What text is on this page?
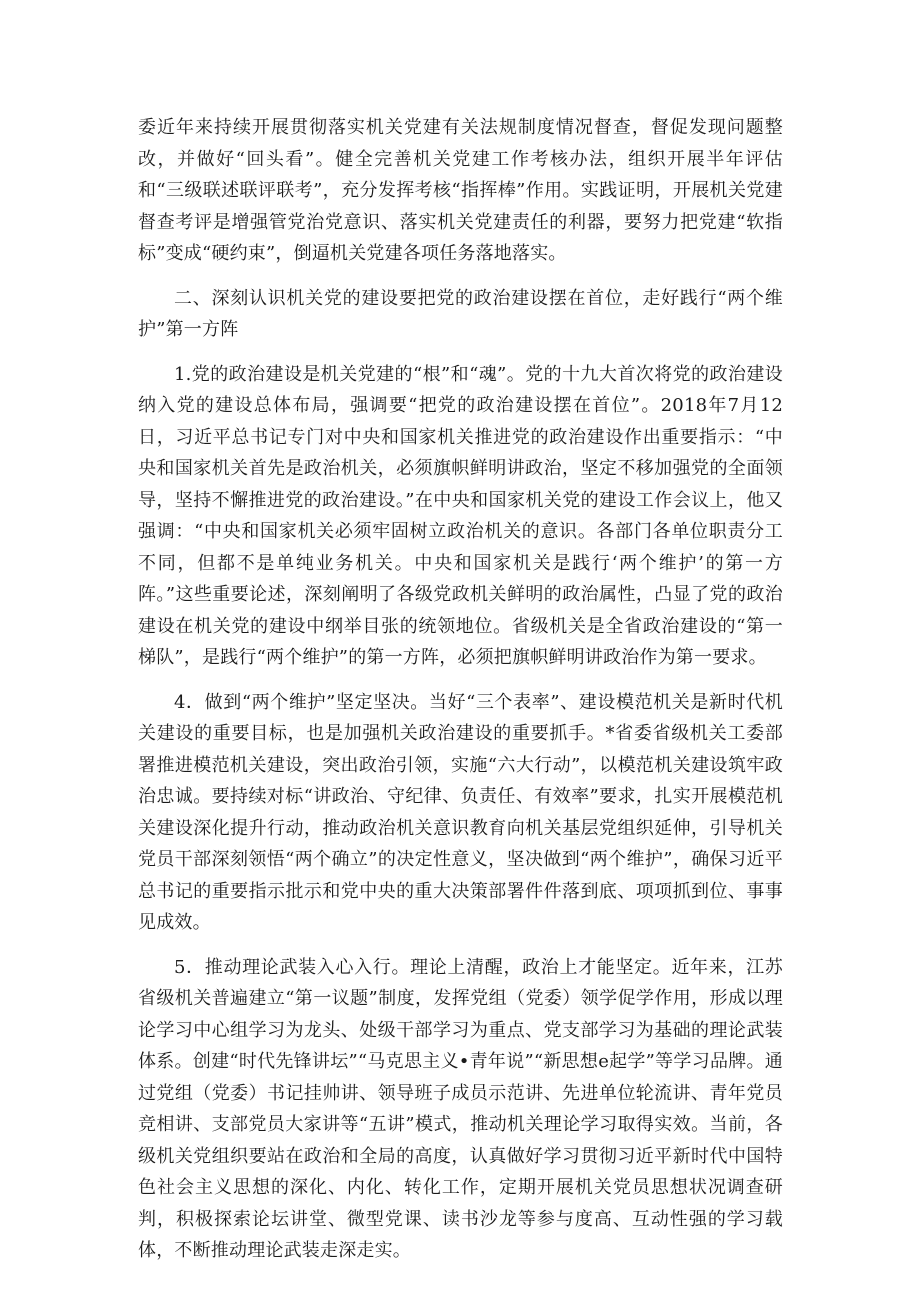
委近年来持续开展贯彻落实机关党建有关法规制度情况督查，督促发现问题整改，并做好“回头看”。健全完善机关党建工作考核办法，组织开展半年评估和“三级联述联评联考”，充分发挥考核“指挥棒”作用。实践证明，开展机关党建督查考评是增强管党治党意识、落实机关党建责任的利器，要努力把党建“软指标”变成“硬约束”，倒逼机关党建各项任务落地落实。

二、深刻认识机关党的建设要把党的政治建设摆在首位，走好践行“两个维护”第一方阵

1.党的政治建设是机关党建的“根”和“魂”。党的十九大首次将党的政治建设纳入党的建设总体布局，强调要“把党的政治建设摆在首位”。2018年7月12日，习近平总书记专门对中央和国家机关推进党的政治建设作出重要指示：“中央和国家机关首先是政治机关，必须旗帜鲜明讲政治，坚定不移加强党的全面领导，坚持不懈推进党的政治建设。”在中央和国家机关党的建设工作会议上，他又强调：“中央和国家机关必须牢固树立政治机关的意识。各部门各单位职责分工不同，但都不是单纯业务机关。中央和国家机关是践行‘两个维护’的第一方阵。”这些重要论述，深刻阐明了各级党政机关鲜明的政治属性，凸显了党的政治建设在机关党的建设中纲举目张的统领地位。省级机关是全省政治建设的“第一梯队”，是践行“两个维护”的第一方阵，必须把旗帜鲜明讲政治作为第一要求。

4．做到“两个维护”坚定坚决。当好“三个表率”、建设模范机关是新时代机关建设的重要目标，也是加强机关政治建设的重要抓手。*省委省级机关工委部署推进模范机关建设，突出政治引领，实施“六大行动”，以模范机关建设筑牢政治忠诚。要持续对标“讲政治、守纪律、负责任、有效率”要求，扎实开展模范机关建设深化提升行动，推动政治机关意识教育向机关基层党组织延伸，引导机关党员干部深刻领悟“两个确立”的决定性意义，坚决做到“两个维护”，确保习近平总书记的重要指示批示和党中央的重大决策部署件件落到底、项项抓到位、事事见成效。

5．推动理论武装入心入行。理论上清醒，政治上才能坚定。近年来，江苏省级机关普遍建立“第一议题”制度，发挥党组（党委）领学促学作用，形成以理论学习中心组学习为龙头、处级干部学习为重点、党支部学习为基础的理论武装体系。创建“时代先锋讲坛”“马克思主义•青年说”“新思想e起学”等学习品牌。通过党组（党委）书记挂帅讲、领导班子成员示范讲、先进单位轮流讲、青年党员竞相讲、支部党员大家讲等“五讲”模式，推动机关理论学习取得实效。当前，各级机关党组织要站在政治和全局的高度，认真做好学习贯彻习近平新时代中国特色社会主义思想的深化、内化、转化工作，定期开展机关党员思想状况调查研判，积极探索论坛讲堂、微型党课、读书沙龙等参与度高、互动性强的学习载体，不断推动理论武装走深走实。
